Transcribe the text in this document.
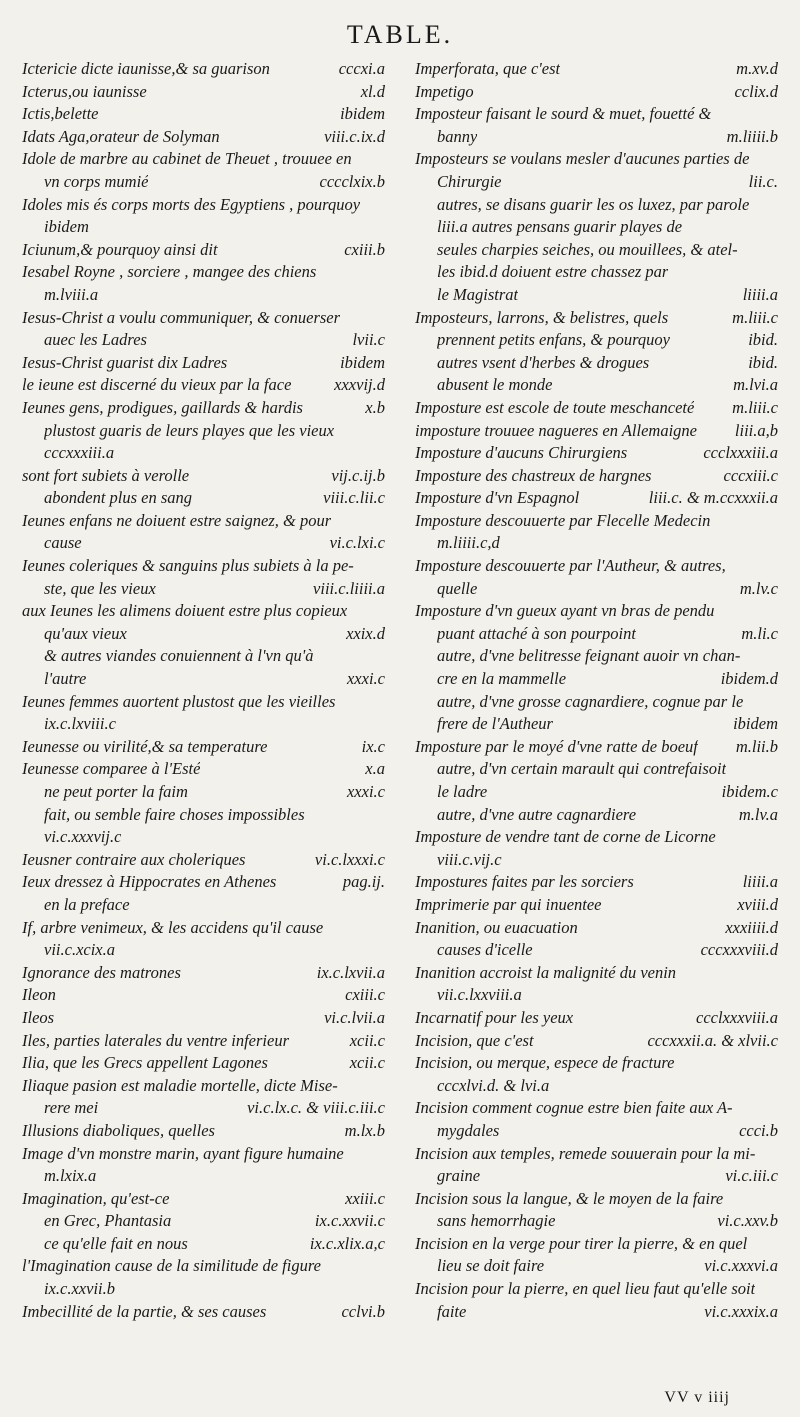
TABLE.
Ictericie dicte iaunisse,& sa guarison	cccxi.a
Icterus,ou iaunisse	xl.d
Ictis,belette	ibidem
Idats Aga,orateur de Solyman	viii.c.ix.d
Idole de marbre au cabinet de Theuet , trouuee en
vn corps mumié	cccclxix.b
Idoles mis és corps morts des Egyptiens , pourquoy
ibidem
Iciunum,& pourquoy ainsi dit	cxiii.b
Iesabel Royne , sorciere , mangee des chiens
m.lviii.a
Iesus-Christ a voulu communiquer, & conuerser
auec les Ladres	lvii.c
Iesus-Christ guarist dix Ladres	ibidem
le ieune est discerné du vieux par la face	xxxvij.d
Ieunes gens, prodigues, gaillards & hardis	x.b
plustost guaris de leurs playes que les vieux
cccxxxiii.a
sont fort subiets à verolle	vij.c.ij.b
abondent plus en sang	viii.c.lii.c
Ieunes enfans ne doiuent estre saignez, & pour
cause	vi.c.lxi.c
Ieunes coleriques & sanguins plus subiets à la pe-
ste, que les vieux	viii.c.liiii.a
aux Ieunes les alimens doiuent estre plus copieux
qu'aux vieux	xxix.d
& autres viandes conuiennent à l'vn qu'à
l'autre	xxxi.c
Ieunes femmes auortent plustost que les vieilles
ix.c.lxviii.c
Ieunesse ou virilité,& sa temperature	ix.c
Ieunesse comparee à l'Esté	x.a
ne peut porter la faim	xxxi.c
fait, ou semble faire choses impossibles
vi.c.xxxvij.c
Ieusner contraire aux choleriques	vi.c.lxxxi.c
Ieux dressez à Hippocrates en Athenes	pag.ij.
en la preface
If, arbre venimeux, & les accidens qu'il cause
vii.c.xcix.a
Ignorance des matrones	ix.c.lxvii.a
Ileon	cxiii.c
Ileos	vi.c.lvii.a
Iles, parties laterales du ventre inferieur	xcii.c
Ilia, que les Grecs appellent Lagones	xcii.c
Iliaque pasion est maladie mortelle, dicte Mise-
rere mei	vi.c.lx.c. & viii.c.iii.c
Illusions diaboliques, quelles	m.lx.b
Image d'vn monstre marin, ayant figure humaine
m.lxix.a
Imagination, qu'est-ce	xxiii.c
en Grec, Phantasia	ix.c.xxvii.c
ce qu'elle fait en nous	ix.c.xlix.a,c
l'Imagination cause de la similitude de figure
ix.c.xxvii.b
Imbecillité de la partie, & ses causes	cclvi.b
Imperforata, que c'est	m.xv.d
Impetigo	cclix.d
Imposteur faisant le sourd & muet, fouetté &
banny	m.liiii.b
Imposteurs se voulans mesler d'aucunes parties de
Chirurgie	lii.c.
autres, se disans guarir les os luxez, par parole
liii.a autres pensans guarir playes de
seules charpies seiches, ou mouillees, & atel-
les ibid.d doiuent estre chassez par
le Magistrat	liiii.a
Imposteurs, larrons, & belistres, quels	m.liii.c
prennent petits enfans, & pourquoy	ibid.
autres vsent d'herbes & drogues	ibid.
abusent le monde	m.lvi.a
Imposture est escole de toute meschanceté	m.liii.c
imposture trouuee nagueres en Allemaigne	liii.a,b
Imposture d'aucuns Chirurgiens	ccclxxxiii.a
Imposture des chastreux de hargnes	cccxiii.c
Imposture d'vn Espagnol	liii.c. & m.ccxxxii.a
Imposture descouuerte par Flecelle Medecin
m.liiii.c,d
Imposture descouuerte par l'Autheur, & autres,
quelle	m.lv.c
Imposture d'vn gueux ayant vn bras de pendu
puant attaché à son pourpoint	m.li.c
autre, d'vne belitresse feignant auoir vn chan-
cre en la mammelle	ibidem.d
autre, d'vne grosse cagnardiere, cognue par le
frere de l'Autheur	ibidem
Imposture par le moyé d'vne ratte de boeuf	m.lii.b
autre, d'vn certain marault qui contrefaisoit
le ladre	ibidem.c
autre, d'vne autre cagnardiere	m.lv.a
Imposture de vendre tant de corne de Licorne
viii.c.vij.c
Impostures faites par les sorciers	liiii.a
Imprimerie par qui inuentee	xviii.d
Inanition, ou euacuation	xxxiiii.d
causes d'icelle	cccxxxviii.d
Inanition accroist la malignité du venin
vii.c.lxxviii.a
Incarnatif pour les yeux	ccclxxxviii.a
Incision, que c'est	cccxxxii.a. & xlvii.c
Incision, ou merque, espece de fracture
cccxlvi.d. & lvi.a
Incision comment cognue estre bien faite aux A-
mygdales	ccci.b
Incision aux temples, remede souuerain pour la mi-
graine	vi.c.iii.c
Incision sous la langue, & le moyen de la faire
sans hemorrhagie	vi.c.xxv.b
Incision en la verge pour tirer la pierre, & en quel
lieu se doit faire	vi.c.xxxvi.a
Incision pour la pierre, en quel lieu faut qu'elle soit
faite	vi.c.xxxix.a
VV v iiij
